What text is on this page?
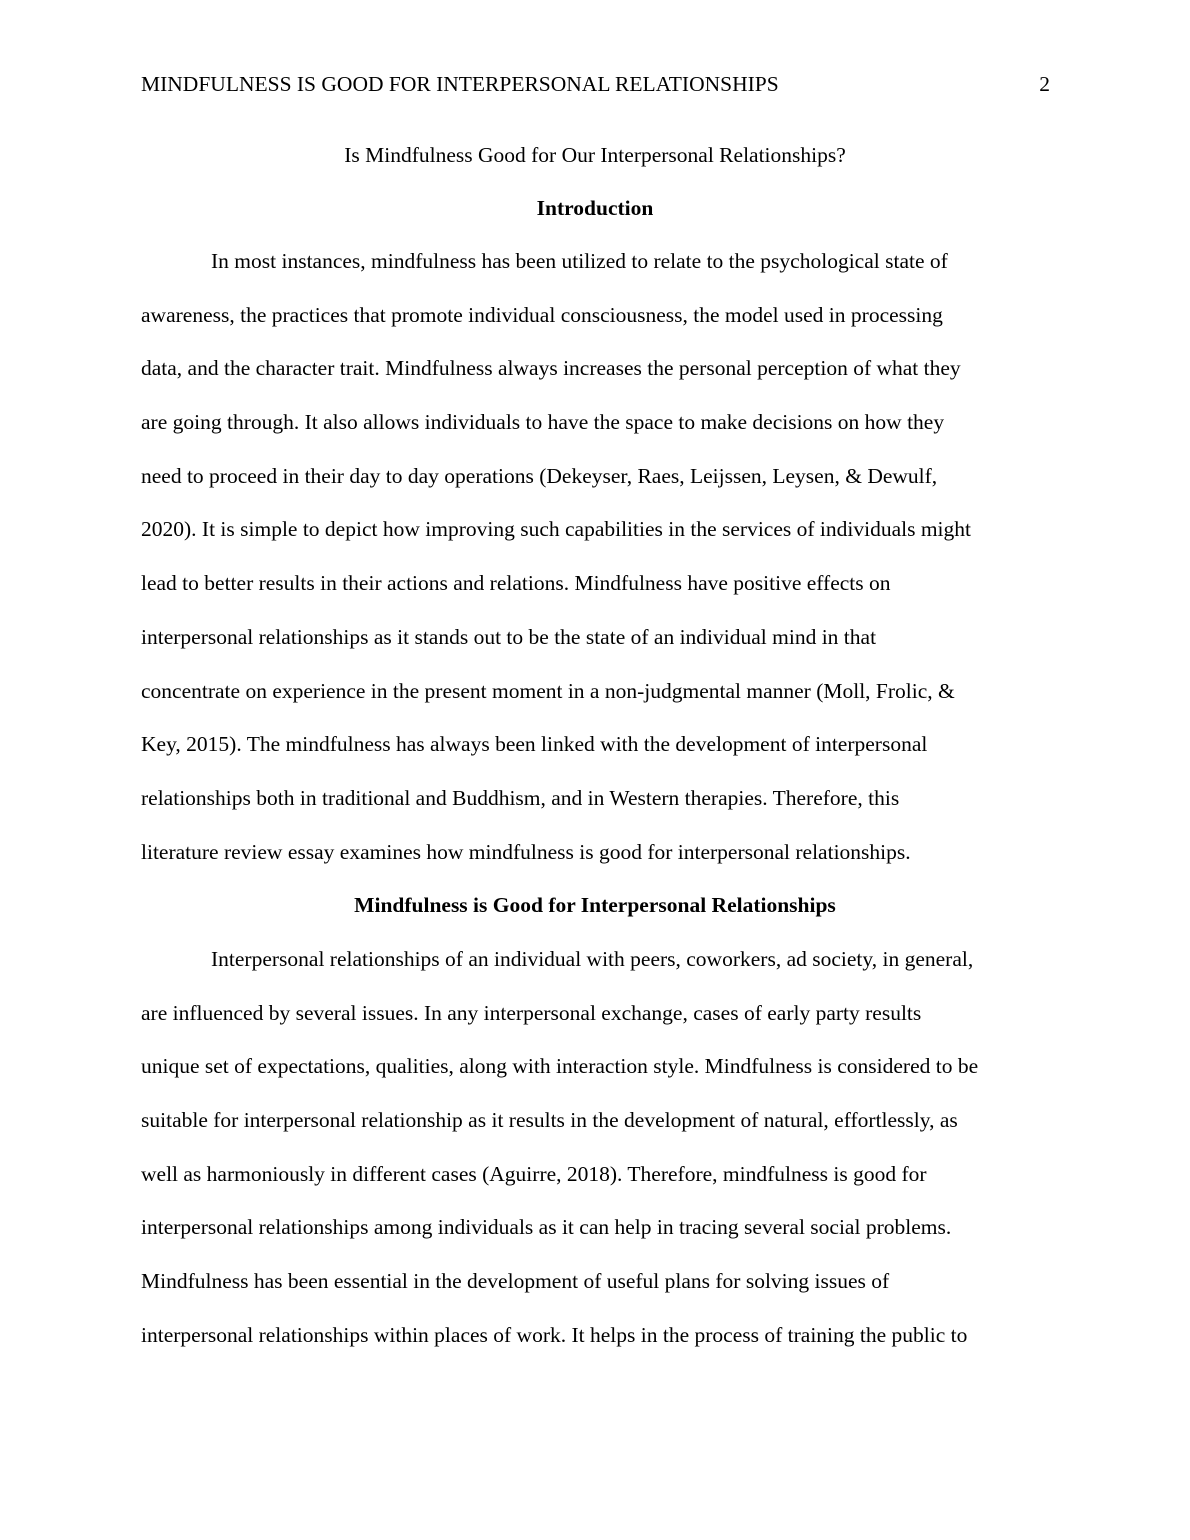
MINDFULNESS IS GOOD FOR INTERPERSONAL RELATIONSHIPS	2
Is Mindfulness Good for Our Interpersonal Relationships?
Introduction
In most instances, mindfulness has been utilized to relate to the psychological state of
awareness, the practices that promote individual consciousness, the model used in processing
data, and the character trait. Mindfulness always increases the personal perception of what they
are going through. It also allows individuals to have the space to make decisions on how they
need to proceed in their day to day operations (Dekeyser, Raes, Leijssen, Leysen, & Dewulf,
2020). It is simple to depict how improving such capabilities in the services of individuals might
lead to better results in their actions and relations. Mindfulness have positive effects on
interpersonal relationships as it stands out to be the state of an individual mind in that
concentrate on experience in the present moment in a non-judgmental manner (Moll, Frolic, &
Key, 2015). The mindfulness has always been linked with the development of interpersonal
relationships both in traditional and Buddhism, and in Western therapies. Therefore, this
literature review essay examines how mindfulness is good for interpersonal relationships.
Mindfulness is Good for Interpersonal Relationships
Interpersonal relationships of an individual with peers, coworkers, ad society, in general,
are influenced by several issues. In any interpersonal exchange, cases of early party results
unique set of expectations, qualities, along with interaction style. Mindfulness is considered to be
suitable for interpersonal relationship as it results in the development of natural, effortlessly, as
well as harmoniously in different cases (Aguirre, 2018). Therefore, mindfulness is good for
interpersonal relationships among individuals as it can help in tracing several social problems.
Mindfulness has been essential in the development of useful plans for solving issues of
interpersonal relationships within places of work. It helps in the process of training the public to
